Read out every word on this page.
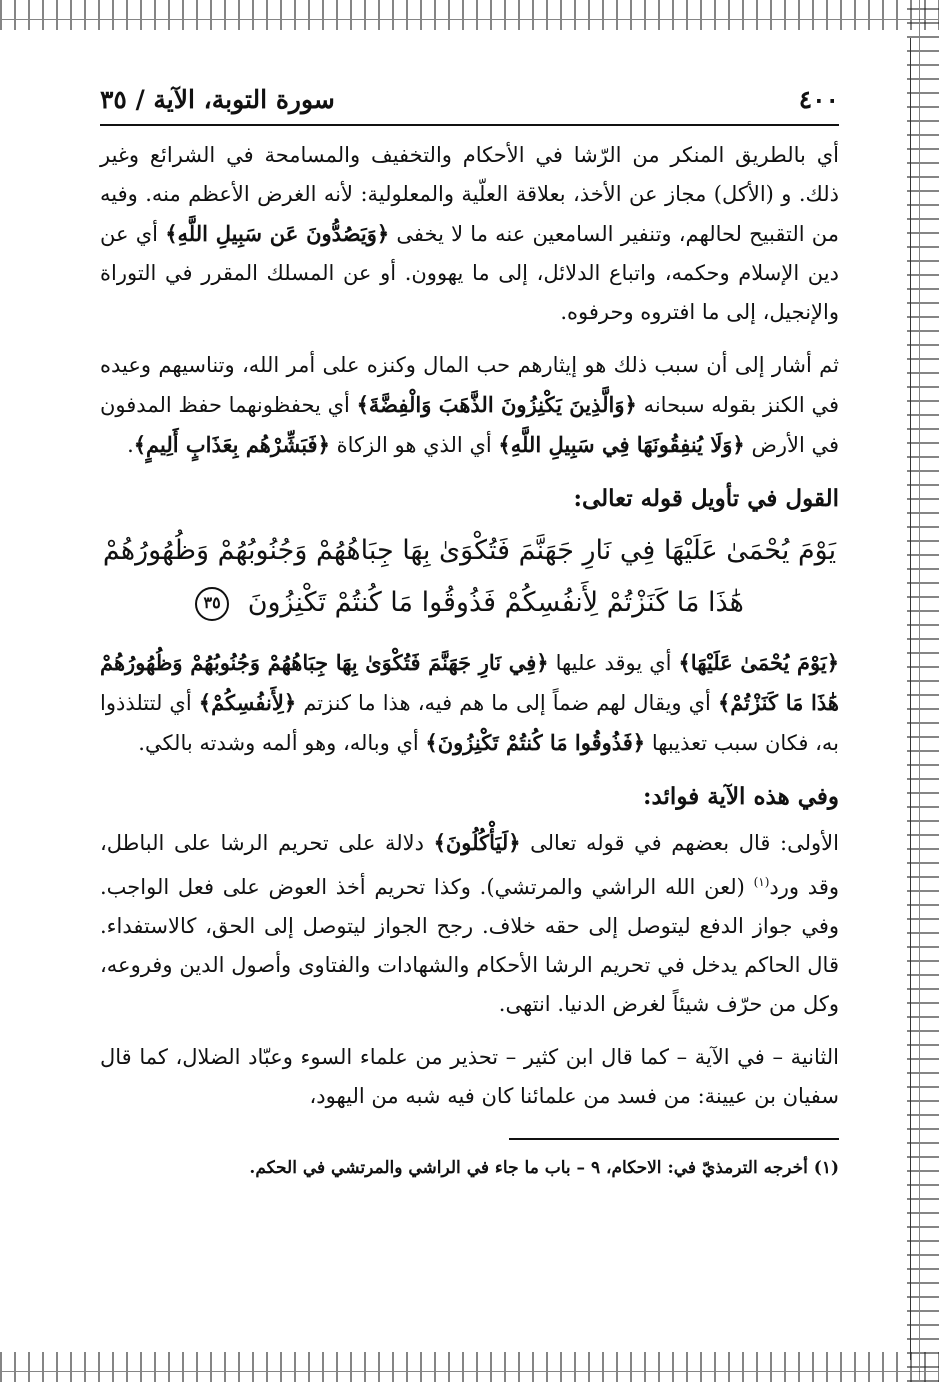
٤٠٠
سورة التوبة، الآية / ٣٥

أي بالطريق المنكر من الرّشا في الأحكام والتخفيف والمسامحة في الشرائع وغير ذلك. و (الأكل) مجاز عن الأخذ، بعلاقة العلّية والمعلولية: لأنه الغرض الأعظم منه. وفيه من التقبيح لحالهم، وتنفير السامعين عنه ما لا يخفى ﴿وَيَصُدُّونَ عَن سَبِيلِ اللَّهِ﴾ أي عن دين الإسلام وحكمه، واتباع الدلائل، إلى ما يهوون. أو عن المسلك المقرر في التوراة والإنجيل، إلى ما افتروه وحرفوه.

ثم أشار إلى أن سبب ذلك هو إيثارهم حب المال وكنزه على أمر الله، وتناسيهم وعيده في الكنز بقوله سبحانه ﴿وَالَّذِينَ يَكْنِزُونَ الذَّهَبَ وَالْفِضَّةَ﴾ أي يحفظونهما حفظ المدفون في الأرض ﴿وَلَا يُنفِقُونَهَا فِي سَبِيلِ اللَّهِ﴾ أي الذي هو الزكاة ﴿فَبَشِّرْهُم بِعَذَابٍ أَلِيمٍ﴾.

القول في تأويل قوله تعالى:
يَوْمَ يُحْمَىٰ عَلَيْهَا فِي نَارِ جَهَنَّمَ فَتُكْوَىٰ بِهَا جِبَاهُهُمْ وَجُنُوبُهُمْ وَظُهُورُهُمْ
هَٰذَا مَا كَنَزْتُمْ لِأَنفُسِكُمْ فَذُوقُوا مَا كُنتُمْ تَكْنِزُونَ ٣٥

﴿يَوْمَ يُحْمَىٰ عَلَيْهَا﴾ أي يوقد عليها ﴿فِي نَارِ جَهَنَّمَ فَتُكْوَىٰ بِهَا جِبَاهُهُمْ وَجُنُوبُهُمْ وَظُهُورُهُمْ هَٰذَا مَا كَنَزْتُمْ﴾ أي ويقال لهم ضماً إلى ما هم فيه، هذا ما كنزتم ﴿لِأَنفُسِكُمْ﴾ أي لتتلذذوا به، فكان سبب تعذيبها ﴿فَذُوقُوا مَا كُنتُمْ تَكْنِزُونَ﴾ أي وباله، وهو ألمه وشدته بالكي.

وفي هذه الآية فوائد:

الأولى: قال بعضهم في قوله تعالى ﴿لَيَأْكُلُونَ﴾ دلالة على تحريم الرشا على الباطل، وقد ورد$^{(١)}$ (لعن الله الراشي والمرتشي). وكذا تحريم أخذ العوض على فعل الواجب. وفي جواز الدفع ليتوصل إلى حقه خلاف. رجح الجواز ليتوصل إلى الحق، كالاستفداء. قال الحاكم يدخل في تحريم الرشا الأحكام والشهادات والفتاوى وأصول الدين وفروعه، وكل من حرّف شيئاً لغرض الدنيا. انتهى.

الثانية – في الآية – كما قال ابن كثير – تحذير من علماء السوء وعبّاد الضلال، كما قال سفيان بن عيينة: من فسد من علمائنا كان فيه شبه من اليهود،

(١) أخرجه الترمذيّ في: الاحكام، ٩ – باب ما جاء في الراشي والمرتشي في الحكم.
